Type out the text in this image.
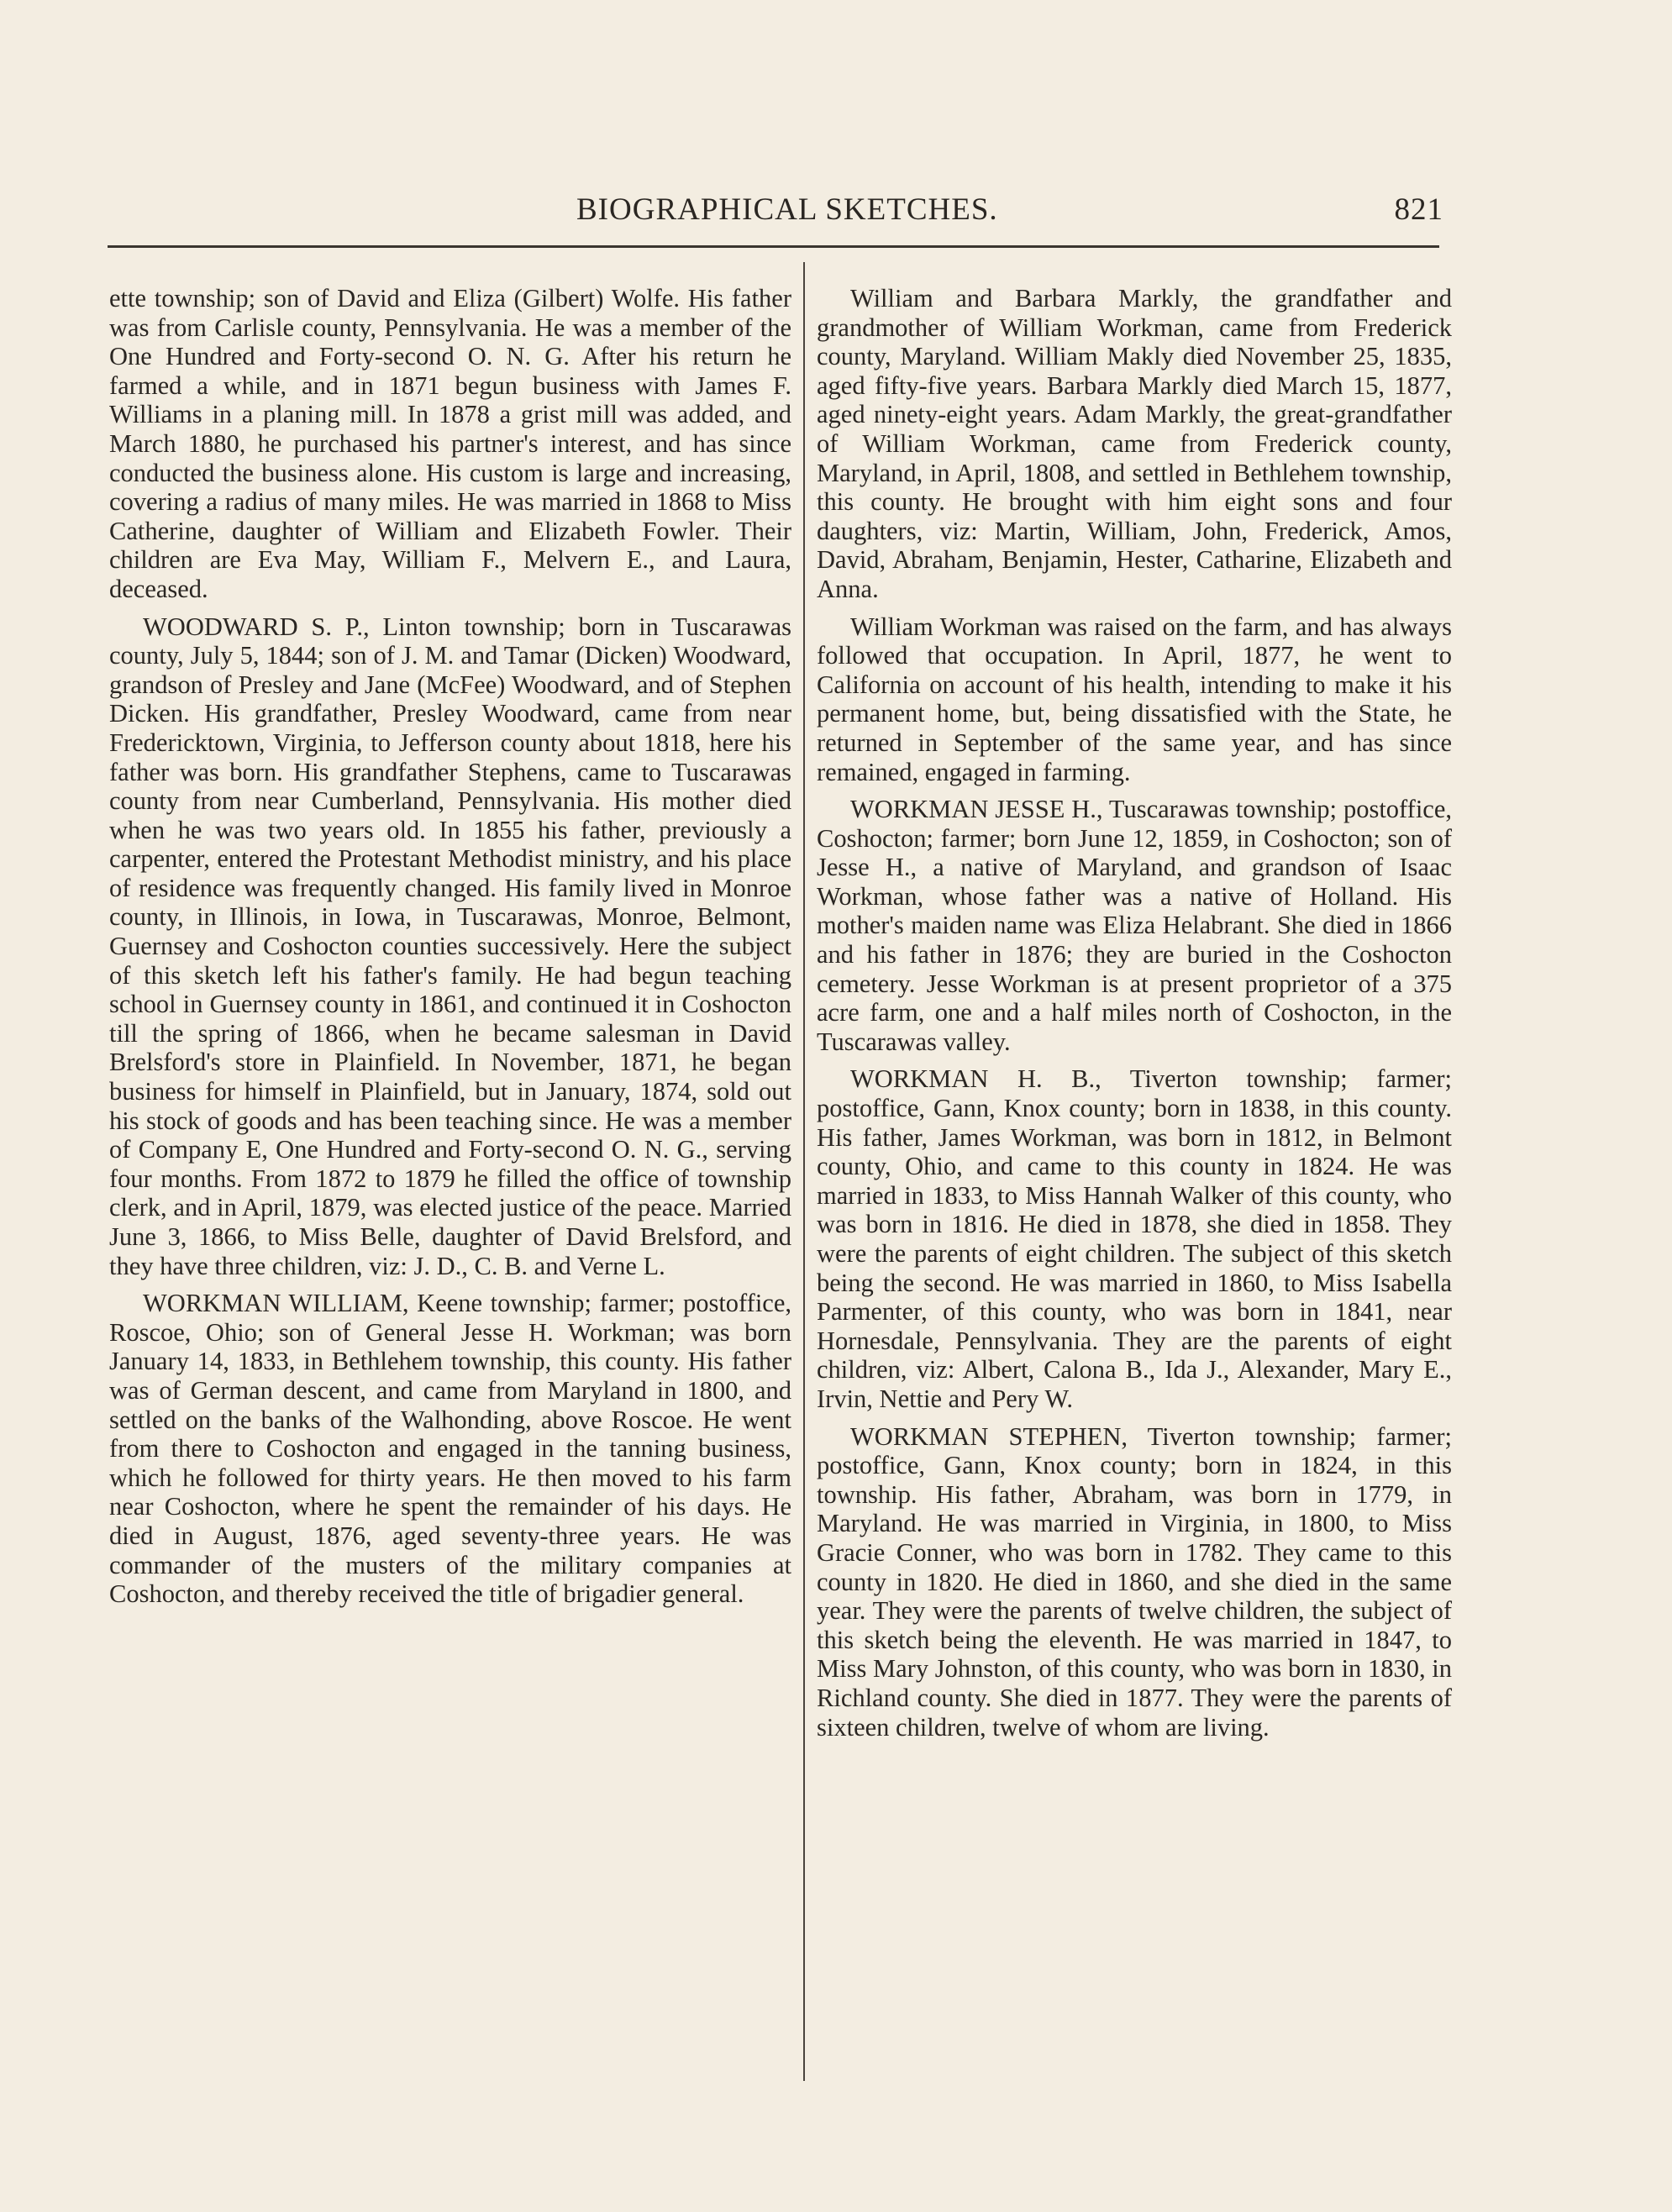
BIOGRAPHICAL SKETCHES.	821

ette township; son of David and Eliza (Gilbert) Wolfe. His father was from Carlisle county, Pennsylvania. He was a member of the One Hundred and Forty-second O. N. G. After his return he farmed a while, and in 1871 begun business with James F. Williams in a planing mill. In 1878 a grist mill was added, and March 1880, he purchased his partner's interest, and has since conducted the business alone. His custom is large and increasing, covering a radius of many miles. He was married in 1868 to Miss Catherine, daughter of William and Elizabeth Fowler. Their children are Eva May, William F., Melvern E., and Laura, deceased.

WOODWARD S. P., Linton township; born in Tuscarawas county, July 5, 1844; son of J. M. and Tamar (Dicken) Woodward, grandson of Presley and Jane (McFee) Woodward, and of Stephen Dicken. His grandfather, Presley Woodward, came from near Fredericktown, Virginia, to Jefferson county about 1818, here his father was born. His grandfather Stephens, came to Tuscarawas county from near Cumberland, Pennsylvania. His mother died when he was two years old. In 1855 his father, previously a carpenter, entered the Protestant Methodist ministry, and his place of residence was frequently changed. His family lived in Monroe county, in Illinois, in Iowa, in Tuscarawas, Monroe, Belmont, Guernsey and Coshocton counties successively. Here the subject of this sketch left his father's family. He had begun teaching school in Guernsey county in 1861, and continued it in Coshocton till the spring of 1866, when he became salesman in David Brelsford's store in Plainfield. In November, 1871, he began business for himself in Plainfield, but in January, 1874, sold out his stock of goods and has been teaching since. He was a member of Company E, One Hundred and Forty-second O. N. G., serving four months. From 1872 to 1879 he filled the office of township clerk, and in April, 1879, was elected justice of the peace. Married June 3, 1866, to Miss Belle, daughter of David Brelsford, and they have three children, viz: J. D., C. B. and Verne L.

WORKMAN WILLIAM, Keene township; farmer; postoffice, Roscoe, Ohio; son of General Jesse H. Workman; was born January 14, 1833, in Bethlehem township, this county. His father was of German descent, and came from Maryland in 1800, and settled on the banks of the Walhonding, above Roscoe. He went from there to Coshocton and engaged in the tanning business, which he followed for thirty years. He then moved to his farm near Coshocton, where he spent the remainder of his days. He died in August, 1876, aged seventy-three years. He was commander of the musters of the military companies at Coshocton, and thereby received the title of brigadier general.

William and Barbara Markly, the grandfather and grandmother of William Workman, came from Frederick county, Maryland. William Makly died November 25, 1835, aged fifty-five years. Barbara Markly died March 15, 1877, aged ninety-eight years. Adam Markly, the great-grandfather of William Workman, came from Frederick county, Maryland, in April, 1808, and settled in Bethlehem township, this county. He brought with him eight sons and four daughters, viz: Martin, William, John, Frederick, Amos, David, Abraham, Benjamin, Hester, Catharine, Elizabeth and Anna.

William Workman was raised on the farm, and has always followed that occupation. In April, 1877, he went to California on account of his health, intending to make it his permanent home, but, being dissatisfied with the State, he returned in September of the same year, and has since remained, engaged in farming.

WORKMAN JESSE H., Tuscarawas township; postoffice, Coshocton; farmer; born June 12, 1859, in Coshocton; son of Jesse H., a native of Maryland, and grandson of Isaac Workman, whose father was a native of Holland. His mother's maiden name was Eliza Helabrant. She died in 1866 and his father in 1876; they are buried in the Coshocton cemetery. Jesse Workman is at present proprietor of a 375 acre farm, one and a half miles north of Coshocton, in the Tuscarawas valley.

WORKMAN H. B., Tiverton township; farmer; postoffice, Gann, Knox county; born in 1838, in this county. His father, James Workman, was born in 1812, in Belmont county, Ohio, and came to this county in 1824. He was married in 1833, to Miss Hannah Walker of this county, who was born in 1816. He died in 1878, she died in 1858. They were the parents of eight children. The subject of this sketch being the second. He was married in 1860, to Miss Isabella Parmenter, of this county, who was born in 1841, near Hornesdale, Pennsylvania. They are the parents of eight children, viz: Albert, Calona B., Ida J., Alexander, Mary E., Irvin, Nettie and Pery W.

WORKMAN STEPHEN, Tiverton township; farmer; postoffice, Gann, Knox county; born in 1824, in this township. His father, Abraham, was born in 1779, in Maryland. He was married in Virginia, in 1800, to Miss Gracie Conner, who was born in 1782. They came to this county in 1820. He died in 1860, and she died in the same year. They were the parents of twelve children, the subject of this sketch being the eleventh. He was married in 1847, to Miss Mary Johnston, of this county, who was born in 1830, in Richland county. She died in 1877. They were the parents of sixteen children, twelve of whom are living.
